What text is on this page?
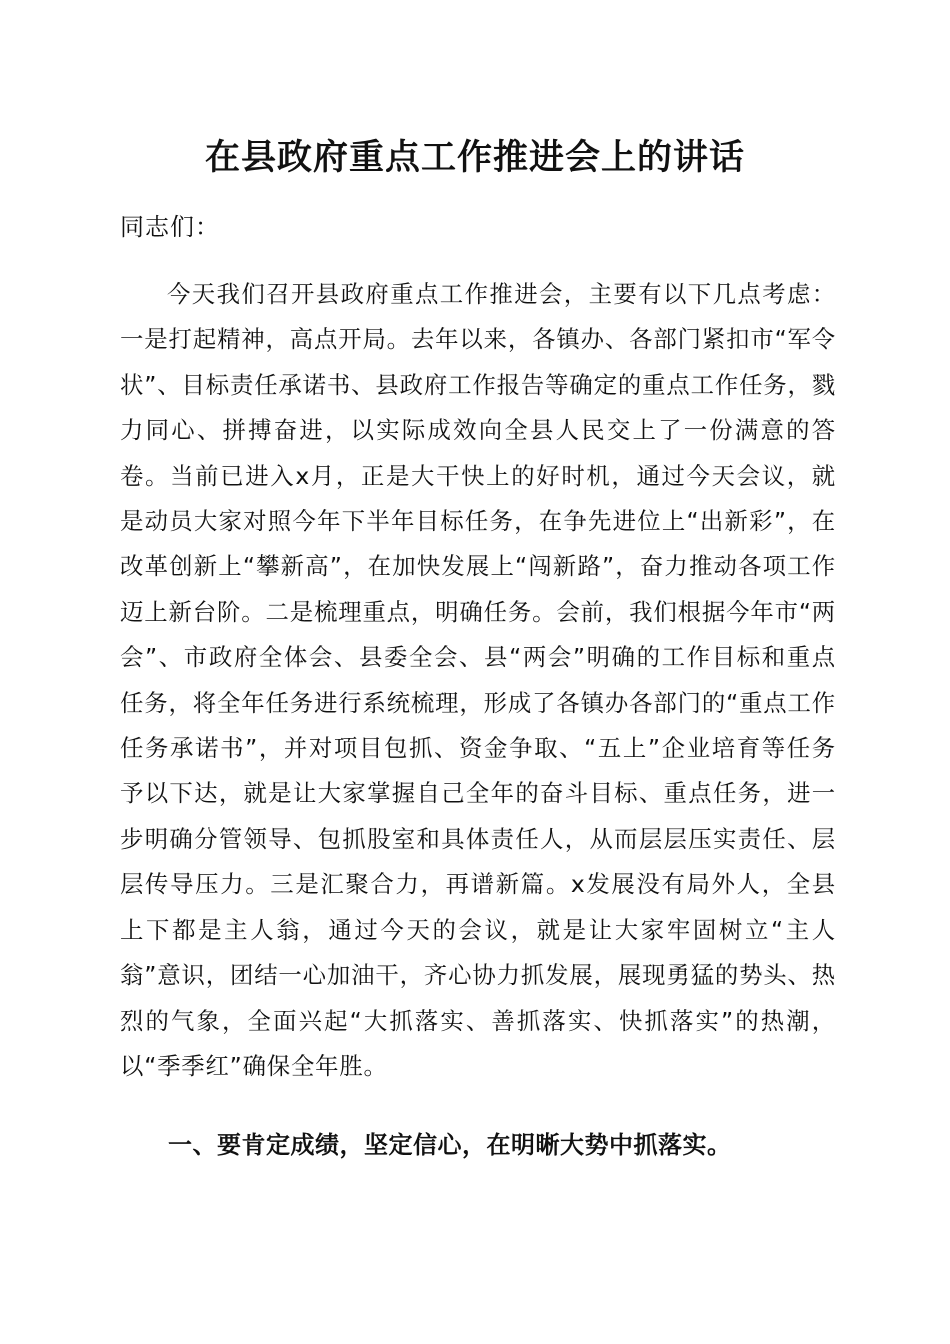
在县政府重点工作推进会上的讲话
同志们：
今天我们召开县政府重点工作推进会，主要有以下几点考虑：一是打起精神，高点开局。去年以来，各镇办、各部门紧扣市“军令状”、目标责任承诺书、县政府工作报告等确定的重点工作任务，戮力同心、拼搏奋进，以实际成效向全县人民交上了一份满意的答卷。当前已进入x月，正是大干快上的好时机，通过今天会议，就是动员大家对照今年下半年目标任务，在争先进位上“出新彩”，在改革创新上“攀新高”，在加快发展上“闯新路”，奋力推动各项工作迈上新台阶。二是梳理重点，明确任务。会前，我们根据今年市“两会”、市政府全体会、县委全会、县“两会”明确的工作目标和重点任务，将全年任务进行系统梳理，形成了各镇办各部门的“重点工作任务承诺书”，并对项目包抓、资金争取、“五上”企业培育等任务予以下达，就是让大家掌握自己全年的奋斗目标、重点任务，进一步明确分管领导、包抓股室和具体责任人，从而层层压实责任、层层传导压力。三是汇聚合力，再谱新篇。x发展没有局外人，全县上下都是主人翁，通过今天的会议，就是让大家牢固树立“主人翁”意识，团结一心加油干，齐心协力抓发展，展现勇猛的势头、热烈的气象，全面兴起“大抓落实、善抓落实、快抓落实”的热潮，以“季季红”确保全年胜。
一、要肯定成绩，坚定信心，在明晰大势中抓落实。
